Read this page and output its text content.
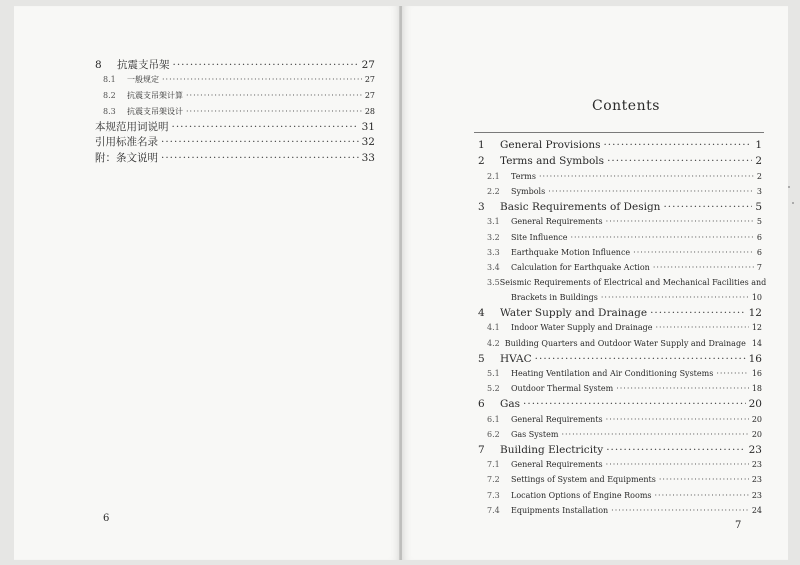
8	抗震支吊架 ·····	27
8.1	一般规定 ·····	27
8.2	抗震支吊架计算 ·····	27
8.3	抗震支吊架设计 ·····	28
本规范用词说明 ·····	31
引用标准名录 ·····	32
附：条文说明 ·····	33
6
Contents
1	General Provisions ·····	1
2	Terms and Symbols ·····	2
2.1	Terms ·····	2
2.2	Symbols ·····	3
3	Basic Requirements of Design ·····	5
3.1	General Requirements ·····	5
3.2	Site Influence ·····	6
3.3	Earthquake Motion Influence ·····	6
3.4	Calculation for Earthquake Action ·····	7
3.5 Seismic Requirements of Electrical and Mechanical Facilities and
Brackets in Buildings ·····	10
4	Water Supply and Drainage ·····	12
4.1	Indoor Water Supply and Drainage ·····	12
4.2 Building Quarters and Outdoor Water Supply and Drainage 14
5	HVAC ·····	16
5.1	Heating Ventilation and Air Conditioning Systems ·····	16
5.2	Outdoor Thermal System ·····	18
6	Gas ·····	20
6.1	General Requirements ·····	20
6.2	Gas System ·····	20
7	Building Electricity ·····	23
7.1	General Requirements ·····	23
7.2	Settings of System and Equipments ·····	23
7.3	Location Options of Engine Rooms ·····	23
7.4	Equipments Installation ·····	24
7
